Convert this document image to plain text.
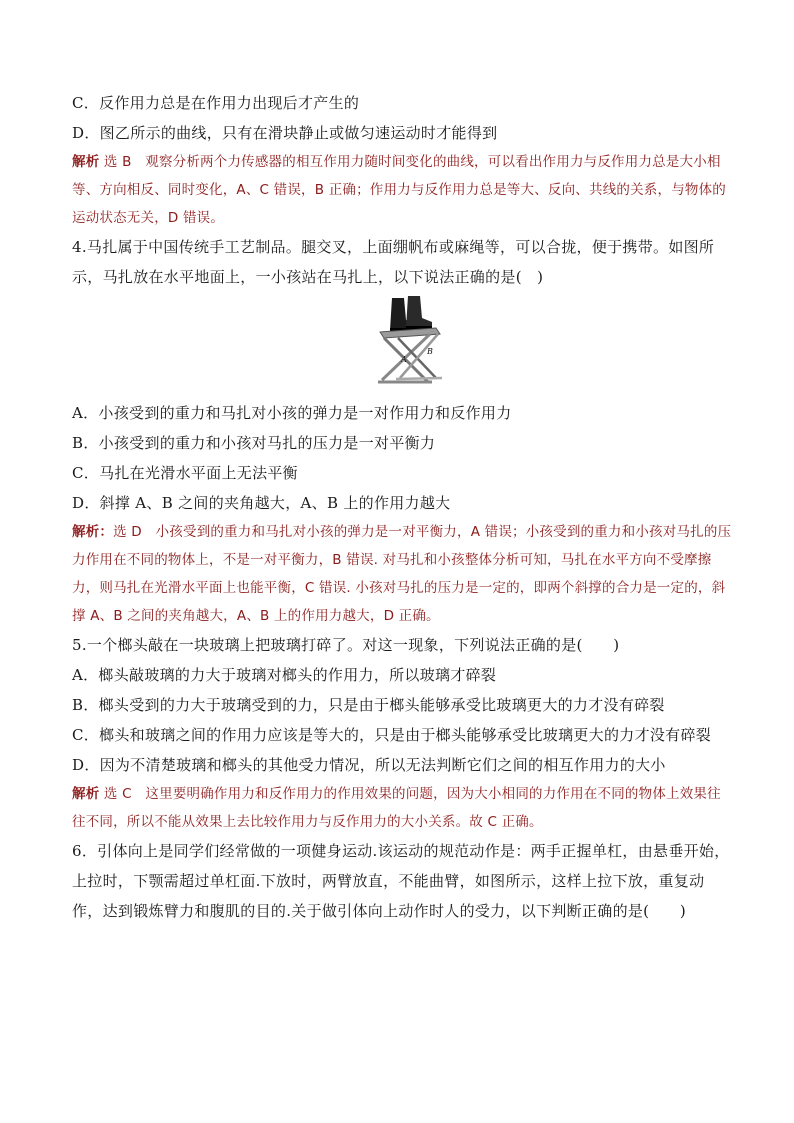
C．反作用力总是在作用力出现后才产生的
D．图乙所示的曲线，只有在滑块静止或做匀速运动时才能得到
解析 选 B　观察分析两个力传感器的相互作用力随时间变化的曲线，可以看出作用力与反作用力总是大小相等、方向相反、同时变化，A、C 错误，B 正确；作用力与反作用力总是等大、反向、共线的关系，与物体的运动状态无关，D 错误。
4.马扎属于中国传统手工艺制品。腿交叉，上面绷帆布或麻绳等，可以合拢，便于携带。如图所示，马扎放在水平地面上，一小孩站在马扎上，以下说法正确的是(　)
A
B
A．小孩受到的重力和马扎对小孩的弹力是一对作用力和反作用力
B．小孩受到的重力和小孩对马扎的压力是一对平衡力
C．马扎在光滑水平面上无法平衡
D．斜撑 A、B 之间的夹角越大，A、B 上的作用力越大
解析：选 D　小孩受到的重力和马扎对小孩的弹力是一对平衡力，A 错误；小孩受到的重力和小孩对马扎的压力作用在不同的物体上，不是一对平衡力，B 错误. 对马扎和小孩整体分析可知，马扎在水平方向不受摩擦力，则马扎在光滑水平面上也能平衡，C 错误. 小孩对马扎的压力是一定的，即两个斜撑的合力是一定的，斜撑 A、B 之间的夹角越大，A、B 上的作用力越大，D 正确。
5.一个榔头敲在一块玻璃上把玻璃打碎了。对这一现象，下列说法正确的是(　　)
A．榔头敲玻璃的力大于玻璃对榔头的作用力，所以玻璃才碎裂
B．榔头受到的力大于玻璃受到的力，只是由于榔头能够承受比玻璃更大的力才没有碎裂
C．榔头和玻璃之间的作用力应该是等大的，只是由于榔头能够承受比玻璃更大的力才没有碎裂
D．因为不清楚玻璃和榔头的其他受力情况，所以无法判断它们之间的相互作用力的大小
解析 选 C　这里要明确作用力和反作用力的作用效果的问题，因为大小相同的力作用在不同的物体上效果往往不同，所以不能从效果上去比较作用力与反作用力的大小关系。故 C 正确。
6．引体向上是同学们经常做的一项健身运动.该运动的规范动作是：两手正握单杠，由悬垂开始，上拉时，下颚需超过单杠面.下放时，两臂放直，不能曲臂，如图所示，这样上拉下放，重复动作，达到锻炼臂力和腹肌的目的.关于做引体向上动作时人的受力，以下判断正确的是(　　)
